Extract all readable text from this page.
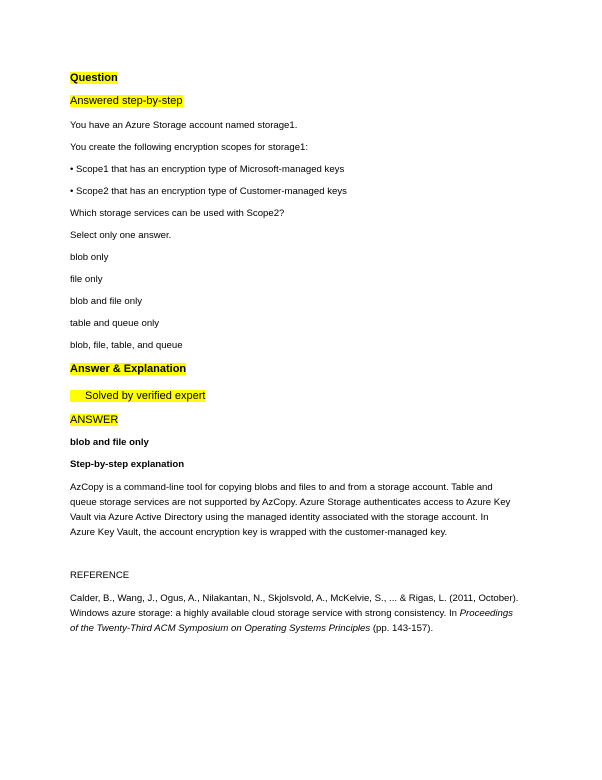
Question
Answered step-by-step
You have an Azure Storage account named storage1.
You create the following encryption scopes for storage1:
• Scope1 that has an encryption type of Microsoft-managed keys
• Scope2 that has an encryption type of Customer-managed keys
Which storage services can be used with Scope2?
Select only one answer.
blob only
file only
blob and file only
table and queue only
blob, file, table, and queue
Answer & Explanation
Solved by verified expert
ANSWER
blob and file only
Step-by-step explanation
AzCopy is a command-line tool for copying blobs and files to and from a storage account. Table and
queue storage services are not supported by AzCopy. Azure Storage authenticates access to Azure Key
Vault via Azure Active Directory using the managed identity associated with the storage account. In
Azure Key Vault, the account encryption key is wrapped with the customer-managed key.
REFERENCE
Calder, B., Wang, J., Ogus, A., Nilakantan, N., Skjolsvold, A., McKelvie, S., ... & Rigas, L. (2011, October).
Windows azure storage: a highly available cloud storage service with strong consistency. In Proceedings
of the Twenty-Third ACM Symposium on Operating Systems Principles (pp. 143-157).
